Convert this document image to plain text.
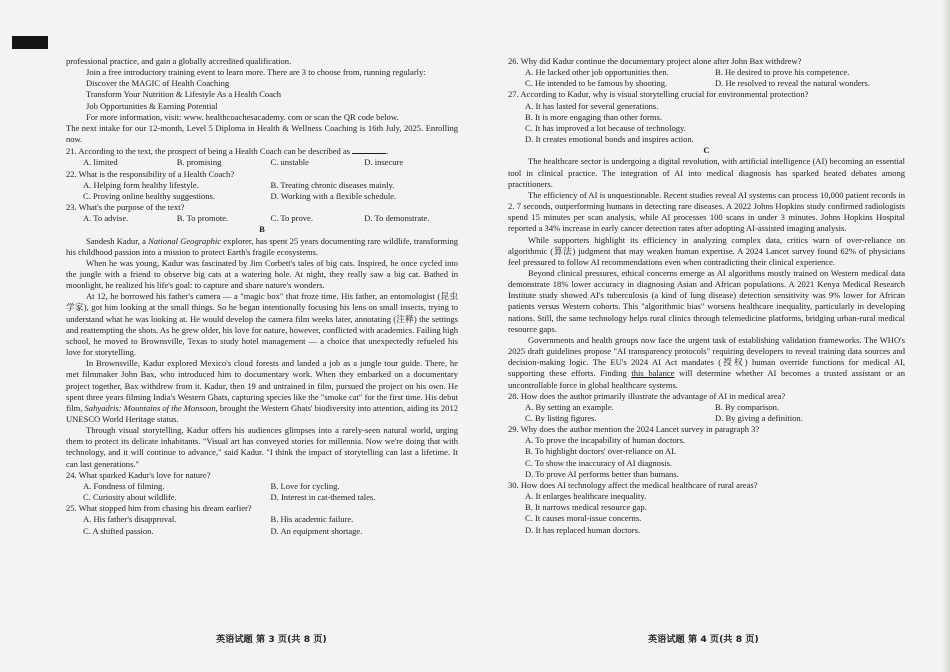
professional practice, and gain a globally accredited qualification.

Join a free introductory training event to learn more. There are 3 to choose from, running regularly:

Discover the MAGIC of Health Coaching

Transform Your Nutrition & Lifestyle As a Health Coach

Job Opportunities & Earning Potential

For more information, visit: www. healthcoachesacademy. com or scan the QR code below.

The next intake for our 12-month, Level 5 Diploma in Health & Wellness Coaching is 16th July, 2025. Enrolling now.

21. According to the text, the prospect of being a Health Coach can be described as	.

A. limited	B. promising	C. unstable	D. insecure

22. What is the responsibility of a Health Coach?

A. Helping form healthy lifestyle.	B. Treating chronic diseases mainly.
C. Proving online healthy suggestions.	D. Working with a flexible schedule.

23. What's the purpose of the text?

A. To advise.	B. To promote.	C. To prove.	D. To demonstrate.
B

Sandesh Kadur, a National Geographic explorer, has spent 25 years documenting rare wildlife, transforming his childhood passion into a mission to protect Earth's fragile ecosystems.

When he was young, Kadur was fascinated by Jim Corbett's tales of big cats. Inspired, he once cycled into the jungle with a friend to observe big cats at a watering hole. At night, they really saw a big cat. Bathed in moonlight, he realized his life's goal: to capture and share nature's wonders.

At 12, he borrowed his father's camera — a "magic box" that froze time. His father, an entomologist (昆虫学家), got him looking at the small things. So he began intentionally focusing his lens on small insects, trying to understand what he was looking at. He would develop the camera film weeks later, annotating (注释) the settings and reattempting the shots. As he grew older, his love for nature, however, conflicted with academics. Failing high school, he moved to Brownsville, Texas to study hotel management — a choice that unexpectedly refueled his love for storytelling.

In Brownsville, Kadur explored Mexico's cloud forests and landed a job as a jungle tour guide. There, he met filmmaker John Bax, who introduced him to documentary work. When they embarked on a documentary project together, Bax withdrew from it. Kadur, then 19 and untrained in film, pursued the project on his own. He spent three years filming India's Western Ghats, capturing species like the "smoke cat" for the first time. His debut film, Sahyadris: Mountains of the Monsoon, brought the Western Ghats' biodiversity into attention, aiding its 2012 UNESCO World Heritage status.

Through visual storytelling, Kadur offers his audiences glimpses into a rarely-seen natural world, urging them to protect its delicate inhabitants. "Visual art has conveyed stories for millennia. Now we're doing that with technology, and it will continue to advance," said Kadur. "I think the impact of storytelling can last a lifetime. It can last generations."

24. What sparked Kadur's love for nature?

A. Fondness of filming.	B. Love for cycling.
C. Curiosity about wildlife.	D. Interest in cat-themed tales.

25. What stopped him from chasing his dream earlier?

A. His father's disapproval.	B. His academic failure.
C. A shifted passion.	D. An equipment shortage.

26. Why did Kadur continue the documentary project alone after John Bax withdrew?

A. He lacked other job opportunities then.	B. He desired to prove his competence.
C. He intended to be famous by shooting.	D. He resolved to reveal the natural wonders.

27. According to Kadur, why is visual storytelling crucial for environmental protection?

A. It has lasted for several generations.
B. It is more engaging than other forms.
C. It has improved a lot because of technology.
D. It creates emotional bonds and inspires action.
C

The healthcare sector is undergoing a digital revolution, with artificial intelligence (AI) becoming an essential tool in clinical practice. The integration of AI into medical diagnosis has sparked heated debates among practitioners.

The efficiency of AI is unquestionable. Recent studies reveal AI systems can process 10,000 patient records in 2. 7 seconds, outperforming humans in detecting rare diseases. A 2022 Johns Hopkins study confirmed radiologists spend 15 minutes per scan analysis, while AI processes 100 scans in under 3 minutes. Johns Hopkins Hospital reported a 34% increase in early cancer detection rates after adopting AI-assisted imaging analysis.

While supporters highlight its efficiency in analyzing complex data, critics warn of over-reliance on algorithmic (算法) judgment that may weaken human expertise. A 2024 Lancet survey found 62% of physicians feel pressured to follow AI recommendations even when contradicting their clinical experience.

Beyond clinical pressures, ethical concerns emerge as AI algorithms mostly trained on Western medical data demonstrate 18% lower accuracy in diagnosing Asian and African populations. A 2021 Kenya Medical Research Institute study showed AI's tuberculosis (a kind of lung disease) detection sensitivity was 9% lower for African patients versus Western cohorts. This "algorithmic bias" worsens healthcare inequality, particularly in developing nations. Still, the same technology helps rural clinics through telemedicine platforms, bridging urban-rural medical resource gaps.

Governments and health groups now face the urgent task of establishing validation frameworks. The WHO's 2025 draft guidelines propose "AI transparency protocols" requiring developers to reveal training data sources and decision-making logic. The EU's 2024 AI Act mandates (授权) human override functions for medical AI, supporting these efforts. Finding this balance will determine whether AI becomes a trusted assistant or an uncontrollable force in global healthcare systems.

28. How does the author primarily illustrate the advantage of AI in medical area?

A. By setting an example.	B. By comparison.
C. By listing figures.	D. By giving a definition.

29. Why does the author mention the 2024 Lancet survey in paragraph 3?

A. To prove the incapability of human doctors.
B. To highlight doctors' over-reliance on AI.
C. To show the inaccuracy of AI diagnosis.
D. To prove AI performs better than humans.

30. How does AI technology affect the medical healthcare of rural areas?

A. It enlarges healthcare inequality.
B. It narrows medical resource gap.
C. It causes moral-issue concerns.
D. It has replaced human doctors.
英语试题 第 3 页(共 8 页)	英语试题 第 4 页(共 8 页)
